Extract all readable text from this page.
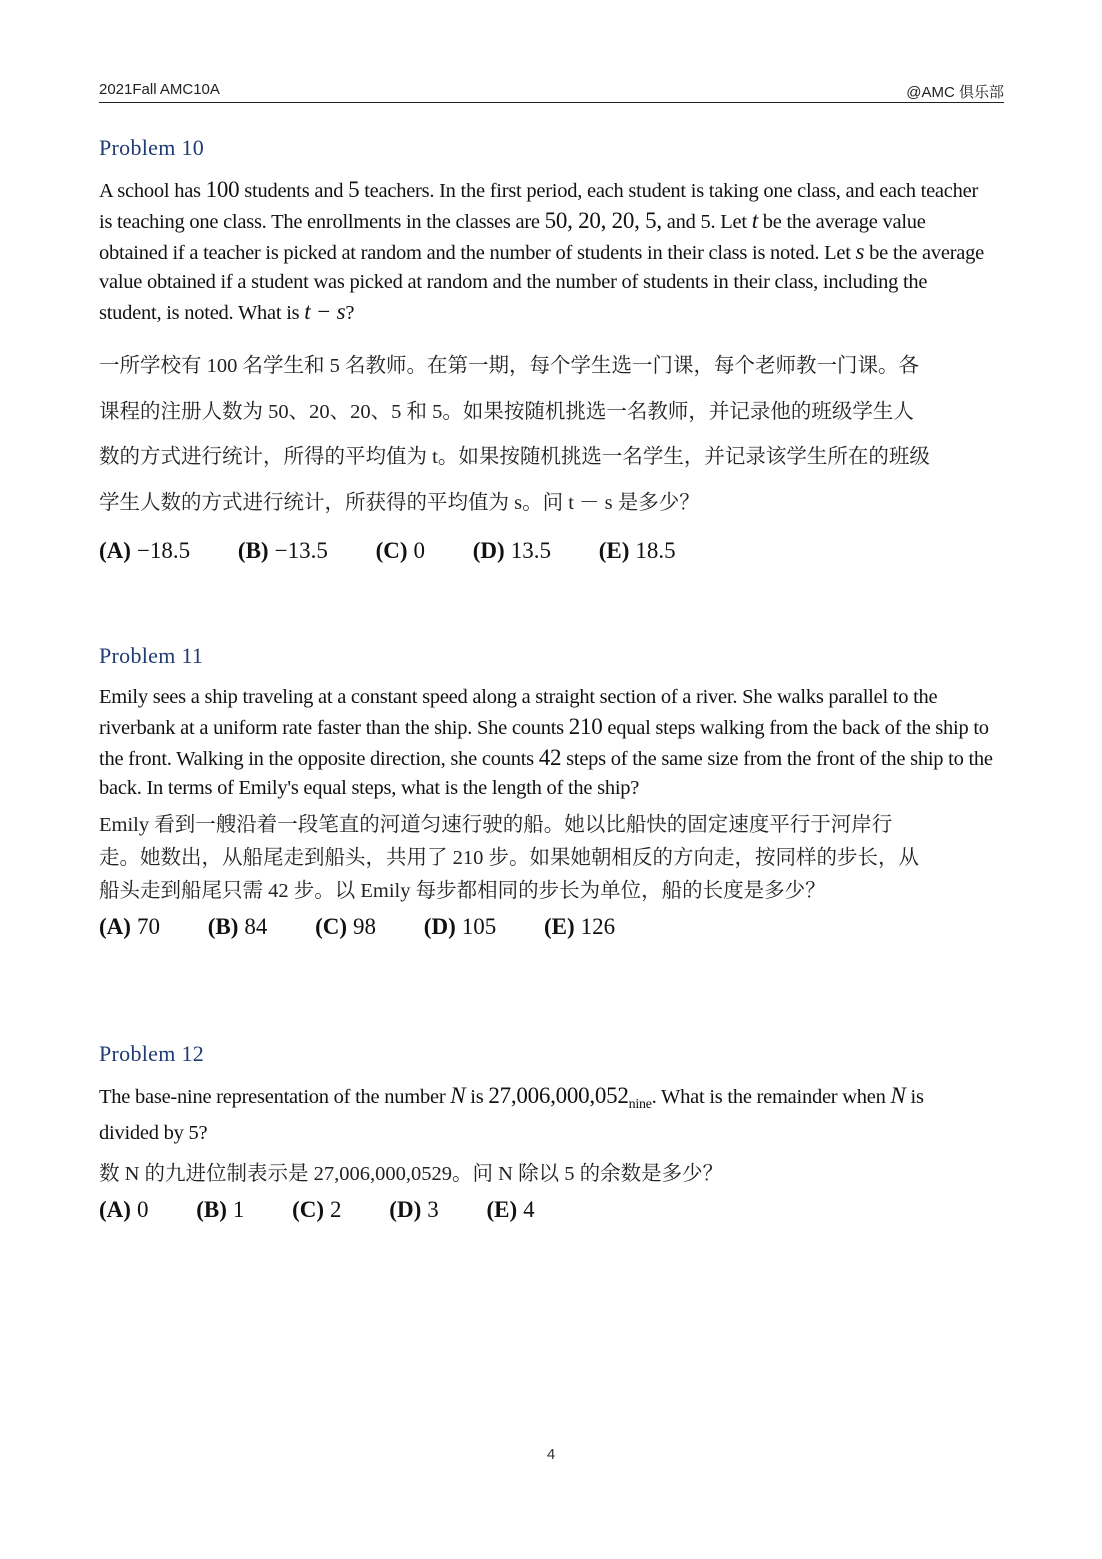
2021Fall AMC10A	@AMC 俱乐部
Problem 10
A school has 100 students and 5 teachers. In the first period, each student is taking one class, and each teacher is teaching one class. The enrollments in the classes are 50, 20, 20, 5, and 5. Let t be the average value obtained if a teacher is picked at random and the number of students in their class is noted. Let s be the average value obtained if a student was picked at random and the number of students in their class, including the student, is noted. What is t − s?
一所学校有 100 名学生和 5 名教师。在第一期，每个学生选一门课，每个老师教一门课。各
课程的注册人数为 50、20、20、5 和 5。如果按随机挑选一名教师，并记录他的班级学生人
数的方式进行统计，所得的平均值为 t。如果按随机挑选一名学生，并记录该学生所在的班级
学生人数的方式进行统计，所获得的平均值为 s。问 t － s 是多少？
(A) −18.5 (B) −13.5 (C) 0 (D) 13.5 (E) 18.5
Problem 11
Emily sees a ship traveling at a constant speed along a straight section of a river. She walks parallel to the riverbank at a uniform rate faster than the ship. She counts 210 equal steps walking from the back of the ship to the front. Walking in the opposite direction, she counts 42 steps of the same size from the front of the ship to the back. In terms of Emily's equal steps, what is the length of the ship?
Emily 看到一艘沿着一段笔直的河道匀速行驶的船。她以比船快的固定速度平行于河岸行
走。她数出，从船尾走到船头，共用了 210 步。如果她朝相反的方向走，按同样的步长，从
船头走到船尾只需 42 步。以 Emily 每步都相同的步长为单位，船的长度是多少？
(A) 70 (B) 84 (C) 98 (D) 105 (E) 126
Problem 12
The base-nine representation of the number N is $27,006,000,052_{nine}$. What is the remainder when N is divided by 5?
数 N 的九进位制表示是 27,006,000,0529。问 N 除以 5 的余数是多少？
(A) 0 (B) 1 (C) 2 (D) 3 (E) 4
4
